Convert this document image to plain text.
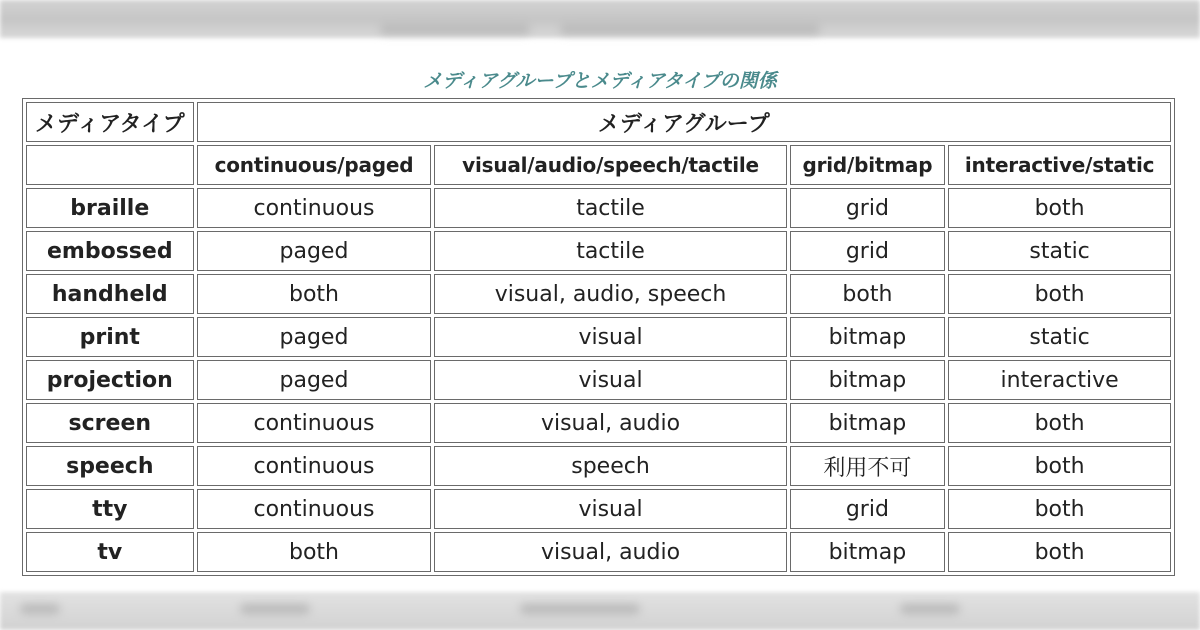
メディアグループとメディアタイプの関係
メディアタイプ	メディアグループ			
	continuous/paged	visual/audio/speech/tactile	grid/bitmap	interactive/static
braille	continuous	tactile	grid	both
embossed	paged	tactile	grid	static
handheld	both	visual, audio, speech	both	both
print	paged	visual	bitmap	static
projection	paged	visual	bitmap	interactive
screen	continuous	visual, audio	bitmap	both
speech	continuous	speech	利用不可	both
tty	continuous	visual	grid	both
tv	both	visual, audio	bitmap	both
